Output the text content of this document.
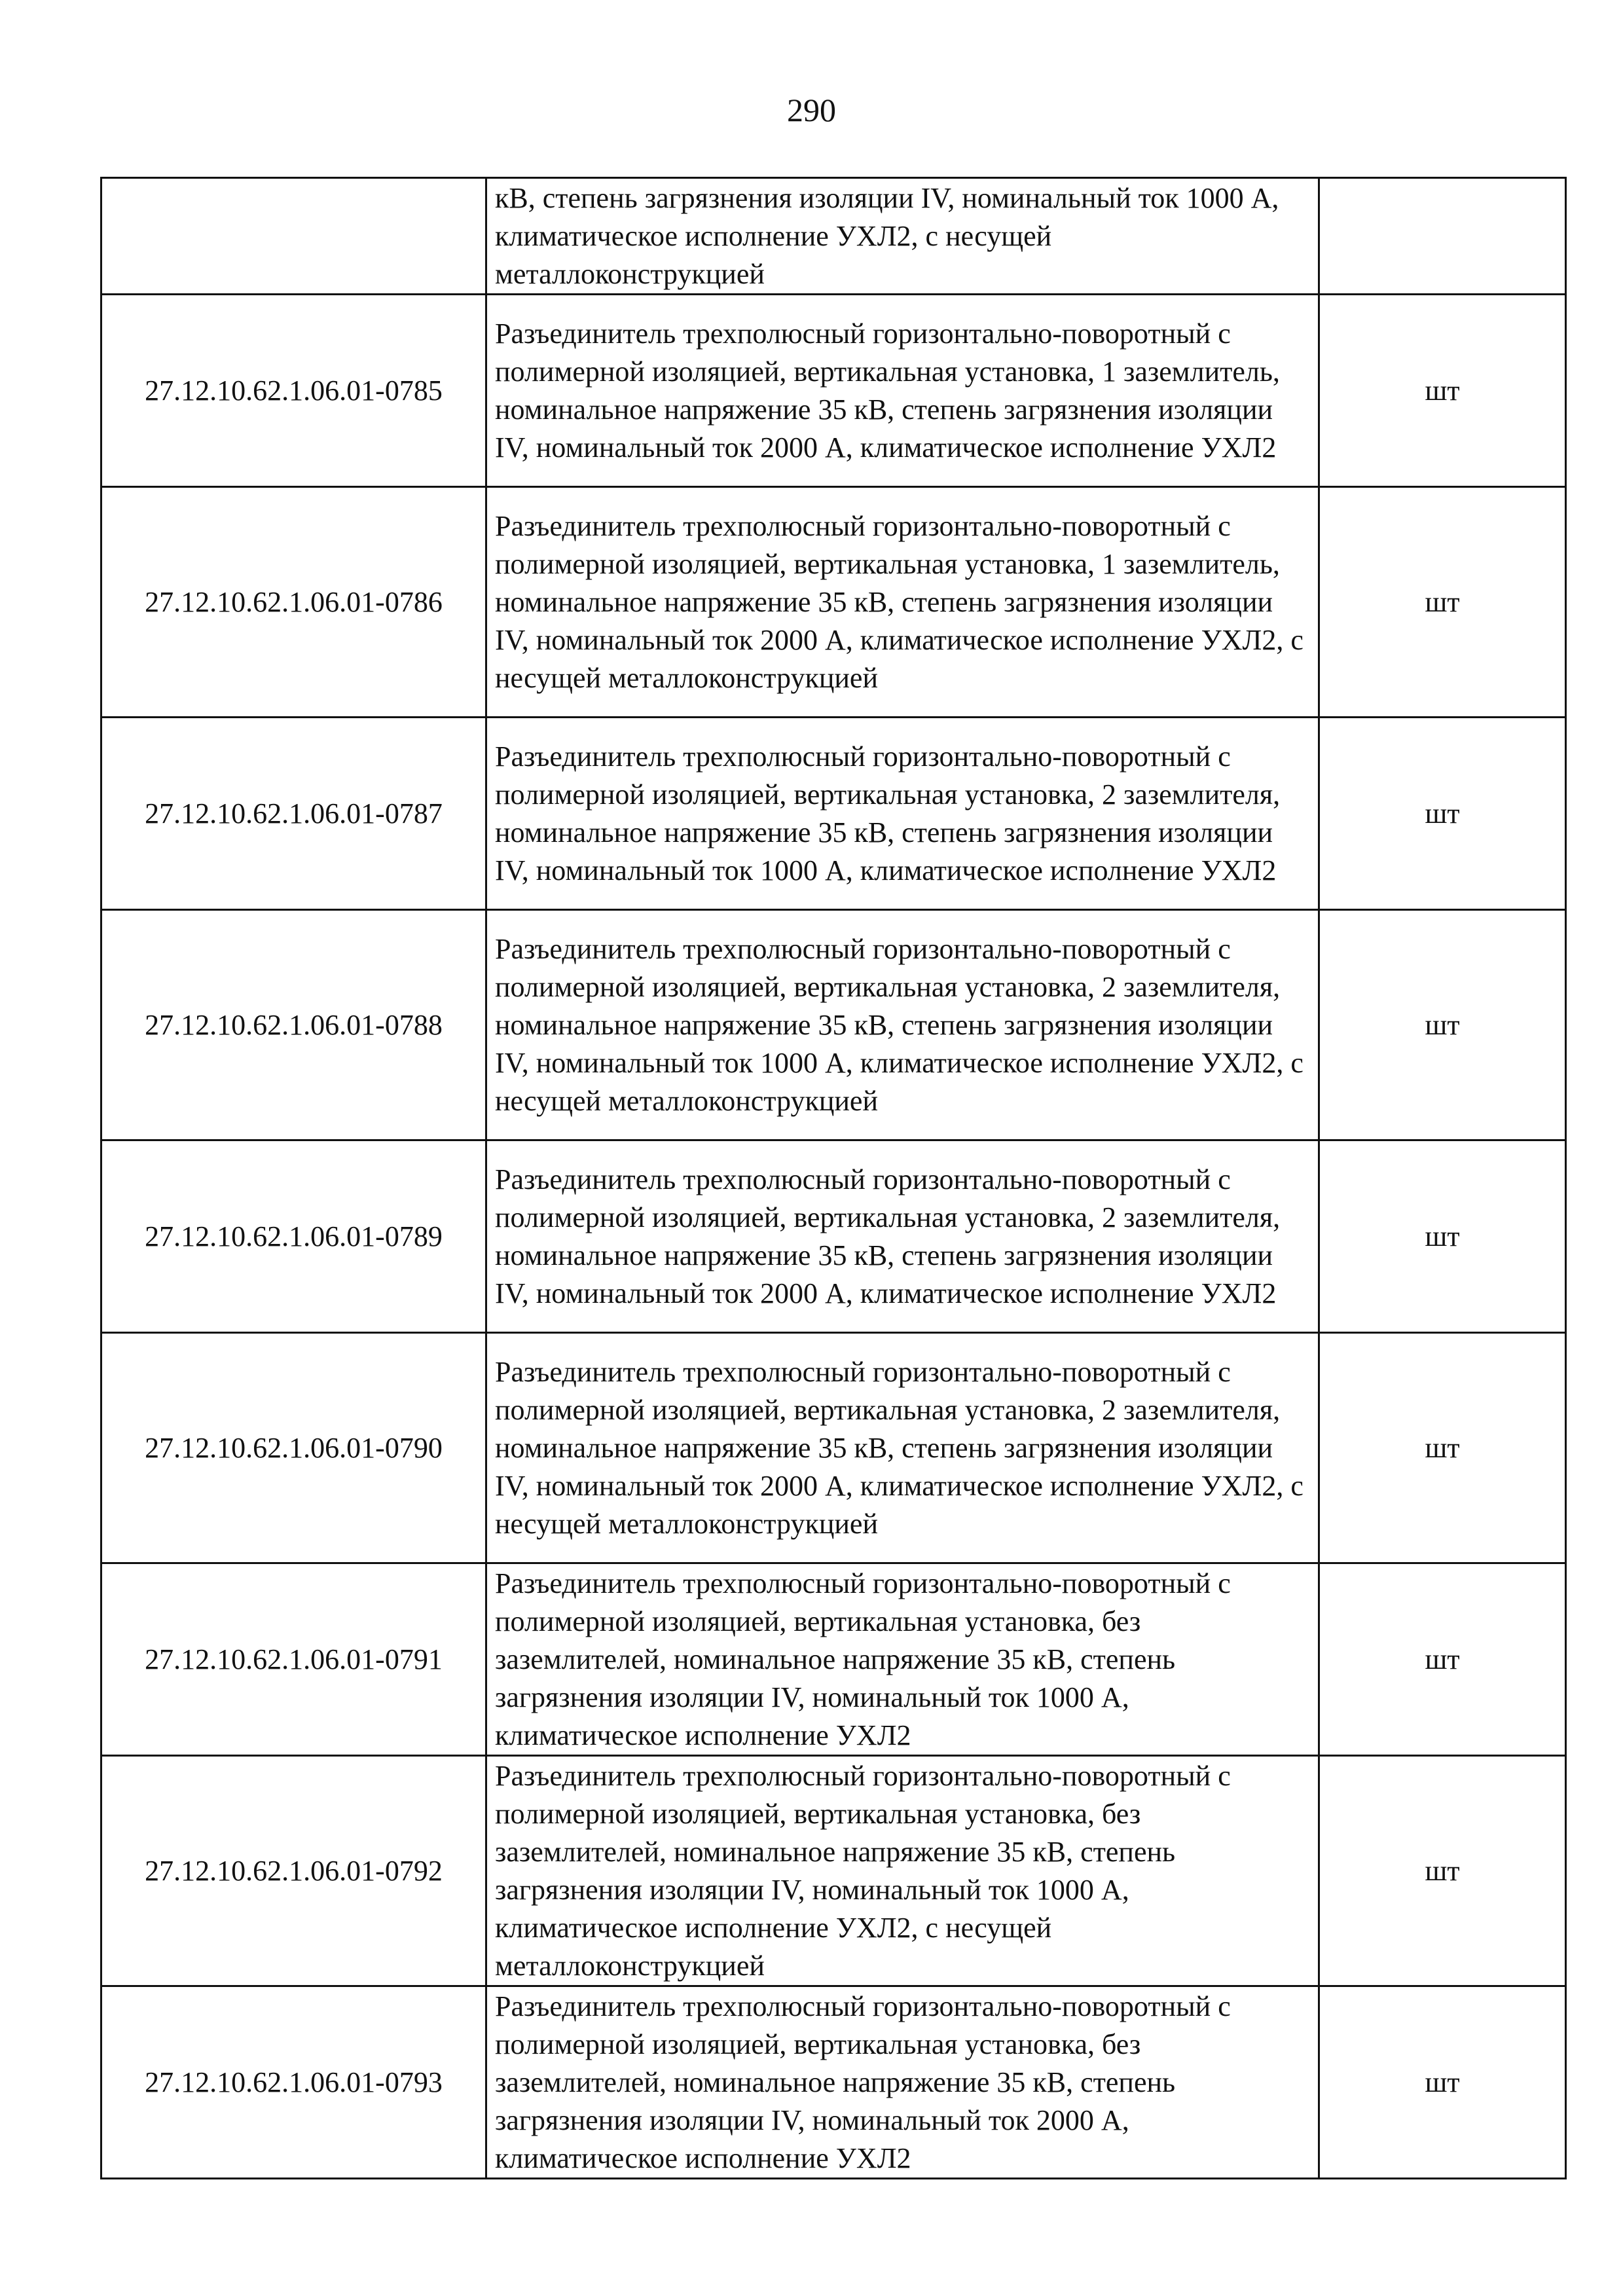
290
	кВ, степень загрязнения изоляции IV, номинальный ток 1000 А, климатическое исполнение УХЛ2, с несущей металлоконструкцией	
27.12.10.62.1.06.01-0785	Разъединитель трехполюсный горизонтально-поворотный с полимерной изоляцией, вертикальная установка, 1 заземлитель, номинальное напряжение 35 кВ, степень загрязнения изоляции IV, номинальный ток 2000 А, климатическое исполнение УХЛ2	шт
27.12.10.62.1.06.01-0786	Разъединитель трехполюсный горизонтально-поворотный с полимерной изоляцией, вертикальная установка, 1 заземлитель, номинальное напряжение 35 кВ, степень загрязнения изоляции IV, номинальный ток 2000 А, климатическое исполнение УХЛ2, с несущей металлоконструкцией	шт
27.12.10.62.1.06.01-0787	Разъединитель трехполюсный горизонтально-поворотный с полимерной изоляцией, вертикальная установка, 2 заземлителя, номинальное напряжение 35 кВ, степень загрязнения изоляции IV, номинальный ток 1000 А, климатическое исполнение УХЛ2	шт
27.12.10.62.1.06.01-0788	Разъединитель трехполюсный горизонтально-поворотный с полимерной изоляцией, вертикальная установка, 2 заземлителя, номинальное напряжение 35 кВ, степень загрязнения изоляции IV, номинальный ток 1000 А, климатическое исполнение УХЛ2, с несущей металлоконструкцией	шт
27.12.10.62.1.06.01-0789	Разъединитель трехполюсный горизонтально-поворотный с полимерной изоляцией, вертикальная установка, 2 заземлителя, номинальное напряжение 35 кВ, степень загрязнения изоляции IV, номинальный ток 2000 А, климатическое исполнение УХЛ2	шт
27.12.10.62.1.06.01-0790	Разъединитель трехполюсный горизонтально-поворотный с полимерной изоляцией, вертикальная установка, 2 заземлителя, номинальное напряжение 35 кВ, степень загрязнения изоляции IV, номинальный ток 2000 А, климатическое исполнение УХЛ2, с несущей металлоконструкцией	шт
27.12.10.62.1.06.01-0791	Разъединитель трехполюсный горизонтально-поворотный с полимерной изоляцией, вертикальная установка, без заземлителей, номинальное напряжение 35 кВ, степень загрязнения изоляции IV, номинальный ток 1000 А, климатическое исполнение УХЛ2	шт
27.12.10.62.1.06.01-0792	Разъединитель трехполюсный горизонтально-поворотный с полимерной изоляцией, вертикальная установка, без заземлителей, номинальное напряжение 35 кВ, степень загрязнения изоляции IV, номинальный ток 1000 А, климатическое исполнение УХЛ2, с несущей металлоконструкцией	шт
27.12.10.62.1.06.01-0793	Разъединитель трехполюсный горизонтально-поворотный с полимерной изоляцией, вертикальная установка, без заземлителей, номинальное напряжение 35 кВ, степень загрязнения изоляции IV, номинальный ток 2000 А, климатическое исполнение УХЛ2	шт
